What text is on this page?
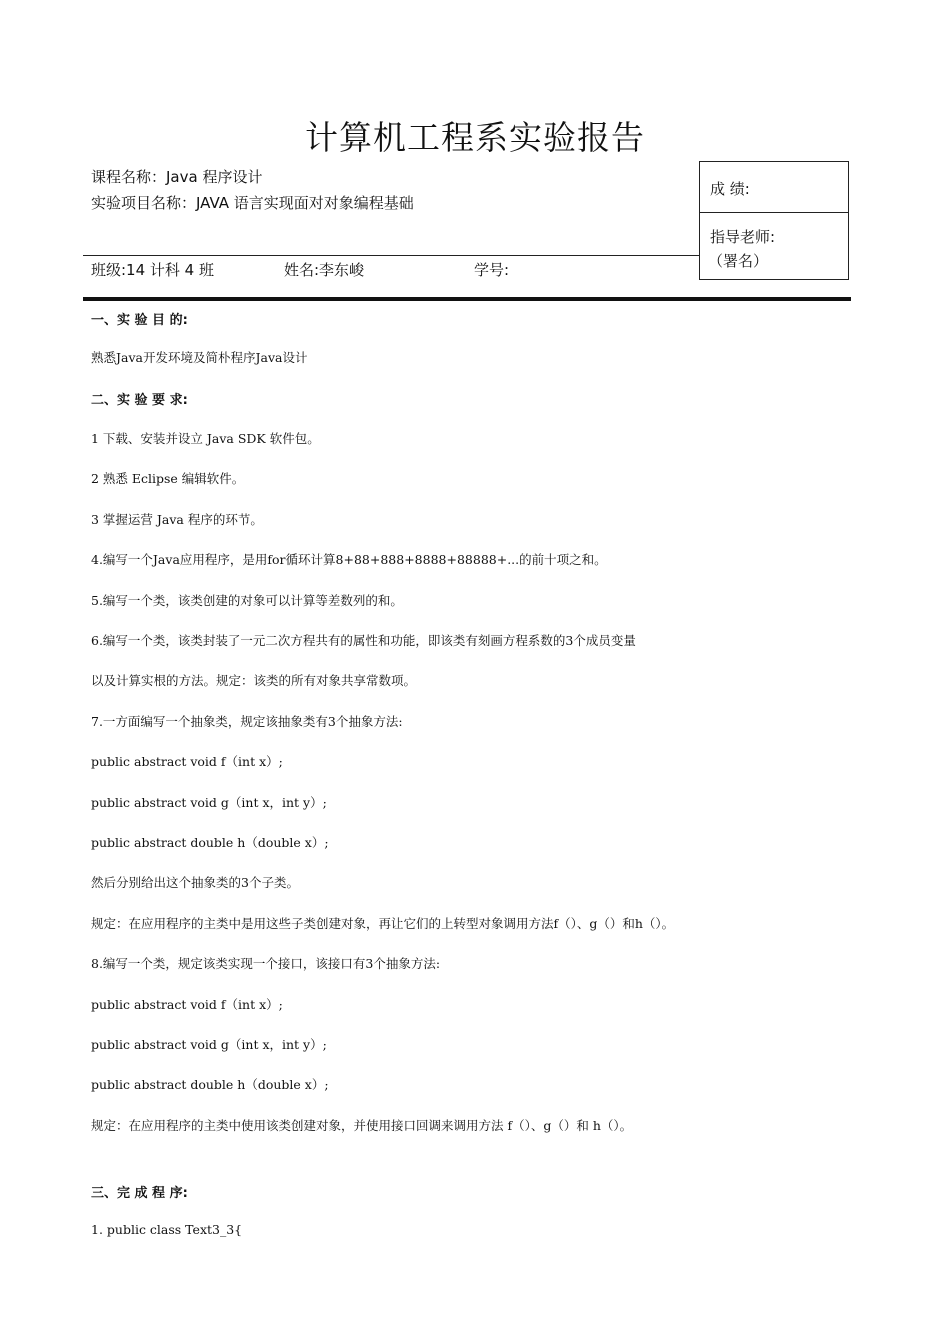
计算机工程系实验报告
课程名称：Java 程序设计
实验项目名称：JAVA 语言实现面对对象编程基础
成 绩:
指导老师:
（署名）
班级:14 计科 4 班	姓名:李东峻	学号:
一、实 验 目 的:
熟悉Java开发环境及简朴程序Java设计
二、实 验 要 求:
1 下载、安装并设立 Java SDK 软件包。
2 熟悉 Eclipse 编辑软件。
3 掌握运营 Java 程序的环节。
4.编写一个Java应用程序，是用for循环计算8+88+888+8888+88888+...的前十项之和。
5.编写一个类，该类创建的对象可以计算等差数列的和。
6.编写一个类，该类封装了一元二次方程共有的属性和功能，即该类有刻画方程系数的3个成员变量
以及计算实根的方法。规定：该类的所有对象共享常数项。
7.一方面编写一个抽象类，规定该抽象类有3个抽象方法:
public abstract void f（int x）;
public abstract void g（int x，int y）;
public abstract double h（double x）;
然后分别给出这个抽象类的3个子类。
规定：在应用程序的主类中是用这些子类创建对象，再让它们的上转型对象调用方法f（）、g（）和h（）。
8.编写一个类，规定该类实现一个接口，该接口有3个抽象方法:
public abstract void f（int x）;
public abstract void g（int x，int y）;
public abstract double h（double x）;
规定：在应用程序的主类中使用该类创建对象，并使用接口回调来调用方法 f（）、g（）和 h（）。
三、完 成 程 序:
1. public class Text3_3{
